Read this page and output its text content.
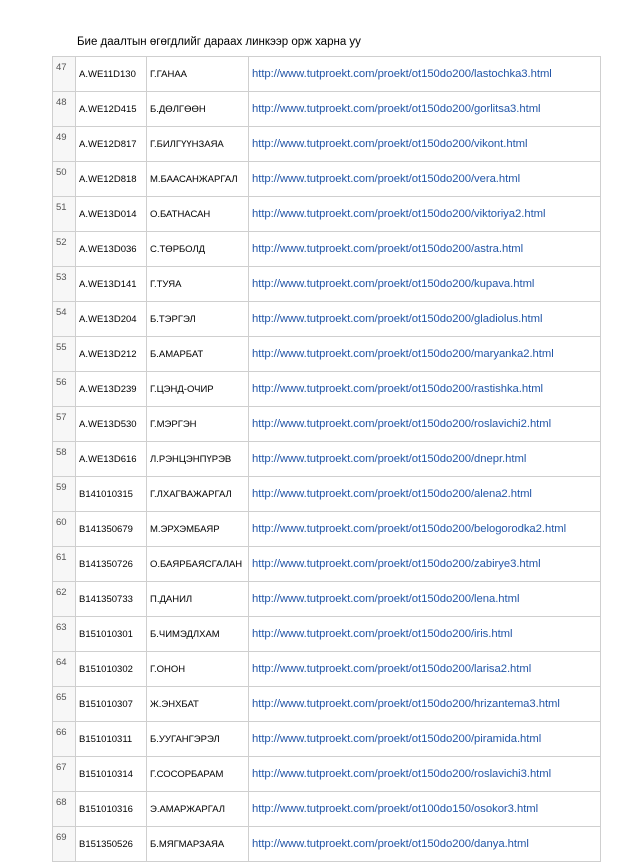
Бие даалтын өгөгдлийг дараах линкээр орж харна уу
47	A.WE11D130	Г.ГАНАА	http://www.tutproekt.com/proekt/ot150do200/lastochka3.html
48	A.WE12D415	Б.ДӨЛГӨӨН	http://www.tutproekt.com/proekt/ot150do200/gorlitsa3.html
49	A.WE12D817	Г.БИЛГҮҮНЗАЯА	http://www.tutproekt.com/proekt/ot150do200/vikont.html
50	A.WE12D818	М.БААСАНЖАРГАЛ	http://www.tutproekt.com/proekt/ot150do200/vera.html
51	A.WE13D014	О.БАТНАСАН	http://www.tutproekt.com/proekt/ot150do200/viktoriya2.html
52	A.WE13D036	С.ТӨРБОЛД	http://www.tutproekt.com/proekt/ot150do200/astra.html
53	A.WE13D141	Г.ТУЯА	http://www.tutproekt.com/proekt/ot150do200/kupava.html
54	A.WE13D204	Б.ТЭРГЭЛ	http://www.tutproekt.com/proekt/ot150do200/gladiolus.html
55	A.WE13D212	Б.АМАРБАТ	http://www.tutproekt.com/proekt/ot150do200/maryanka2.html
56	A.WE13D239	Г.ЦЭНД-ОЧИР	http://www.tutproekt.com/proekt/ot150do200/rastishka.html
57	A.WE13D530	Г.МЭРГЭН	http://www.tutproekt.com/proekt/ot150do200/roslavichi2.html
58	A.WE13D616	Л.РЭНЦЭНПҮРЭВ	http://www.tutproekt.com/proekt/ot150do200/dnepr.html
59	B141010315	Г.ЛХАГВАЖАРГАЛ	http://www.tutproekt.com/proekt/ot150do200/alena2.html
60	B141350679	М.ЭРХЭМБАЯР	http://www.tutproekt.com/proekt/ot150do200/belogorodka2.html
61	B141350726	О.БАЯРБАЯСГАЛАН	http://www.tutproekt.com/proekt/ot150do200/zabirye3.html
62	B141350733	П.ДАНИЛ	http://www.tutproekt.com/proekt/ot150do200/lena.html
63	B151010301	Б.ЧИМЭДЛХАМ	http://www.tutproekt.com/proekt/ot150do200/iris.html
64	B151010302	Г.ОНОН	http://www.tutproekt.com/proekt/ot150do200/larisa2.html
65	B151010307	Ж.ЭНХБАТ	http://www.tutproekt.com/proekt/ot150do200/hrizantema3.html
66	B151010311	Б.УУГАНГЭРЭЛ	http://www.tutproekt.com/proekt/ot150do200/piramida.html
67	B151010314	Г.СОСОРБАРАМ	http://www.tutproekt.com/proekt/ot150do200/roslavichi3.html
68	B151010316	Э.АМАРЖАРГАЛ	http://www.tutproekt.com/proekt/ot100do150/osokor3.html
69	B151350526	Б.МЯГМАРЗАЯА	http://www.tutproekt.com/proekt/ot150do200/danya.html
